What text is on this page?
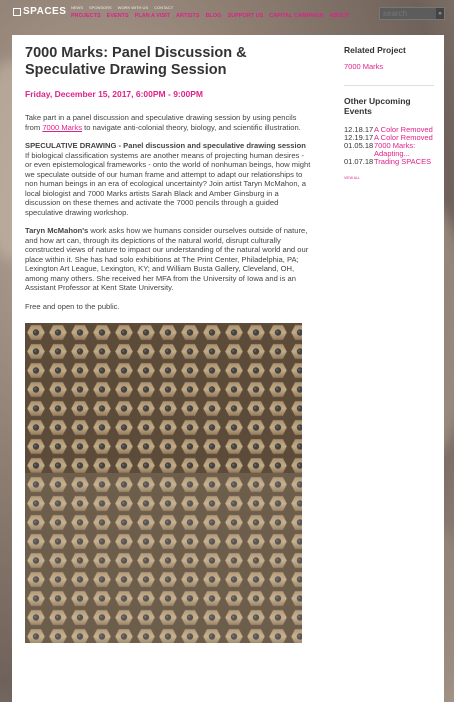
SPACES NEWS SPONSORS WORK WITH US CONTACT
PROJECTS EVENTS PLAN A VISIT ARTISTS BLOG SUPPORT US CAPITAL CAMPAIGN ABOUT
search	»
7000 Marks: Panel Discussion & Speculative Drawing Session
Friday, December 15, 2017, 6:00PM - 9:00PM

Take part in a panel discussion and speculative drawing session by using pencils from 7000 Marks to navigate anti-colonial theory, biology, and scientific illustration.

SPECULATIVE DRAWING - Panel discussion and speculative drawing session

If biological classification systems are another means of projecting human desires - or even epistemological frameworks - onto the world of nonhuman beings, how might we speculate outside of our human frame and attempt to adapt our relationships to non human beings in an era of ecological uncertainty? Join artist Taryn McMahon, a local biologist and 7000 Marks artists Sarah Black and Amber Ginsburg in a discussion on these themes and activate the 7000 pencils through a guided speculative drawing workshop.

Taryn McMahon's work asks how we humans consider ourselves outside of nature, and how art can, through its depictions of the natural world, disrupt culturally constructed views of nature to impact our understanding of the natural world and our place within it. She has had solo exhibitions at The Print Center, Philadelphia, PA; Lexington Art League, Lexington, KY; and William Busta Gallery, Cleveland, OH, among many others. She received her MFA from the University of Iowa and is an Assistant Professor at Kent State University.

Free and open to the public.

Related Project
7000 Marks
Other Upcoming Events
12.18.17 A Color Removed
12.19.17 A Color Removed
01.05.18 7000 Marks: Adapting...
01.07.18 Trading SPACES
VIEW ALL
